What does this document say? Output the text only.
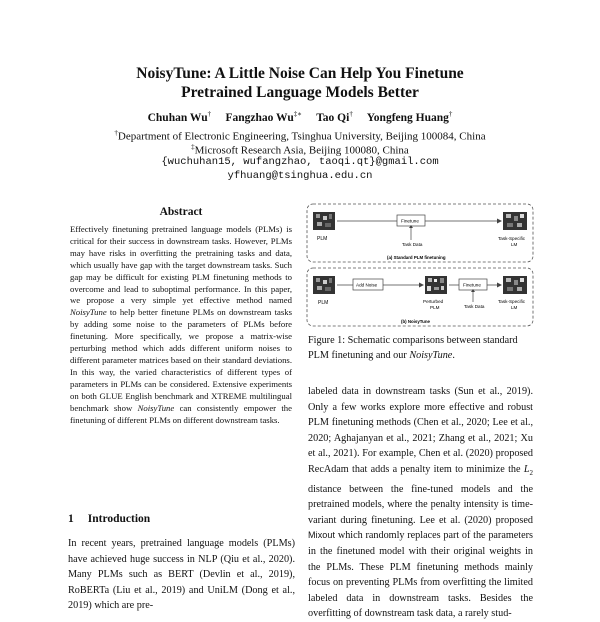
NoisyTune: A Little Noise Can Help You Finetune
Pretrained Language Models Better
Chuhan Wu† Fangzhao Wu‡∗ Tao Qi† Yongfeng Huang†
†Department of Electronic Engineering, Tsinghua University, Beijing 100084, China
‡Microsoft Research Asia, Beijing 100080, China
{wuchuhan15, wufangzhao, taoqi.qt}@gmail.com
yfhuang@tsinghua.edu.cn
Abstract
Effectively finetuning pretrained language models (PLMs) is critical for their success in downstream tasks. However, PLMs may have risks in overfitting the pretraining tasks and data, which usually have gap with the target downstream tasks. Such gap may be difficult for existing PLM finetuning methods to overcome and lead to suboptimal performance. In this paper, we propose a very simple yet effective method named NoisyTune to help better finetune PLMs on downstream tasks by adding some noise to the parameters of PLMs before finetuning. More specifically, we propose a matrix-wise perturbing method which adds different uniform noises to different parameter matrices based on their standard deviations. In this way, the varied characteristics of different types of parameters in PLMs can be considered. Extensive experiments on both GLUE English benchmark and XTREME multilingual benchmark show NoisyTune can consistently empower the finetuning of different PLMs on different downstream tasks.
1 Introduction
In recent years, pretrained language models (PLMs) have achieved huge success in NLP (Qiu et al., 2020). Many PLMs such as BERT (Devlin et al., 2019), RoBERTa (Liu et al., 2019) and UniLM (Dong et al., 2019) which are pre-
PLM
Finetune
Task Data
Task-Specific
LM
(a) Standard PLM finetuning
PLM
Add Noise
Perturbed
PLM
Finetune
Task Data
Task-Specific
LM
(b) NoisyTune
Figure 1: Schematic comparisons between standard PLM finetuning and our NoisyTune.
labeled data in downstream tasks (Sun et al., 2019). Only a few works explore more effective and robust PLM finetuning methods (Chen et al., 2020; Lee et al., 2020; Aghajanyan et al., 2021; Zhang et al., 2021; Xu et al., 2021). For example, Chen et al. (2020) proposed RecAdam that adds a penalty item to minimize the $L_2$ distance between the fine-tuned models and the pretrained models, where the penalty intensity is time-variant during finetuning. Lee et al. (2020) proposed Mixout which randomly replaces part of the parameters in the finetuned model with their original weights in the PLMs. These PLM finetuning methods mainly focus on preventing PLMs from overfitting the limited labeled data in downstream tasks. Besides the overfitting of downstream task data, a rarely stud-
